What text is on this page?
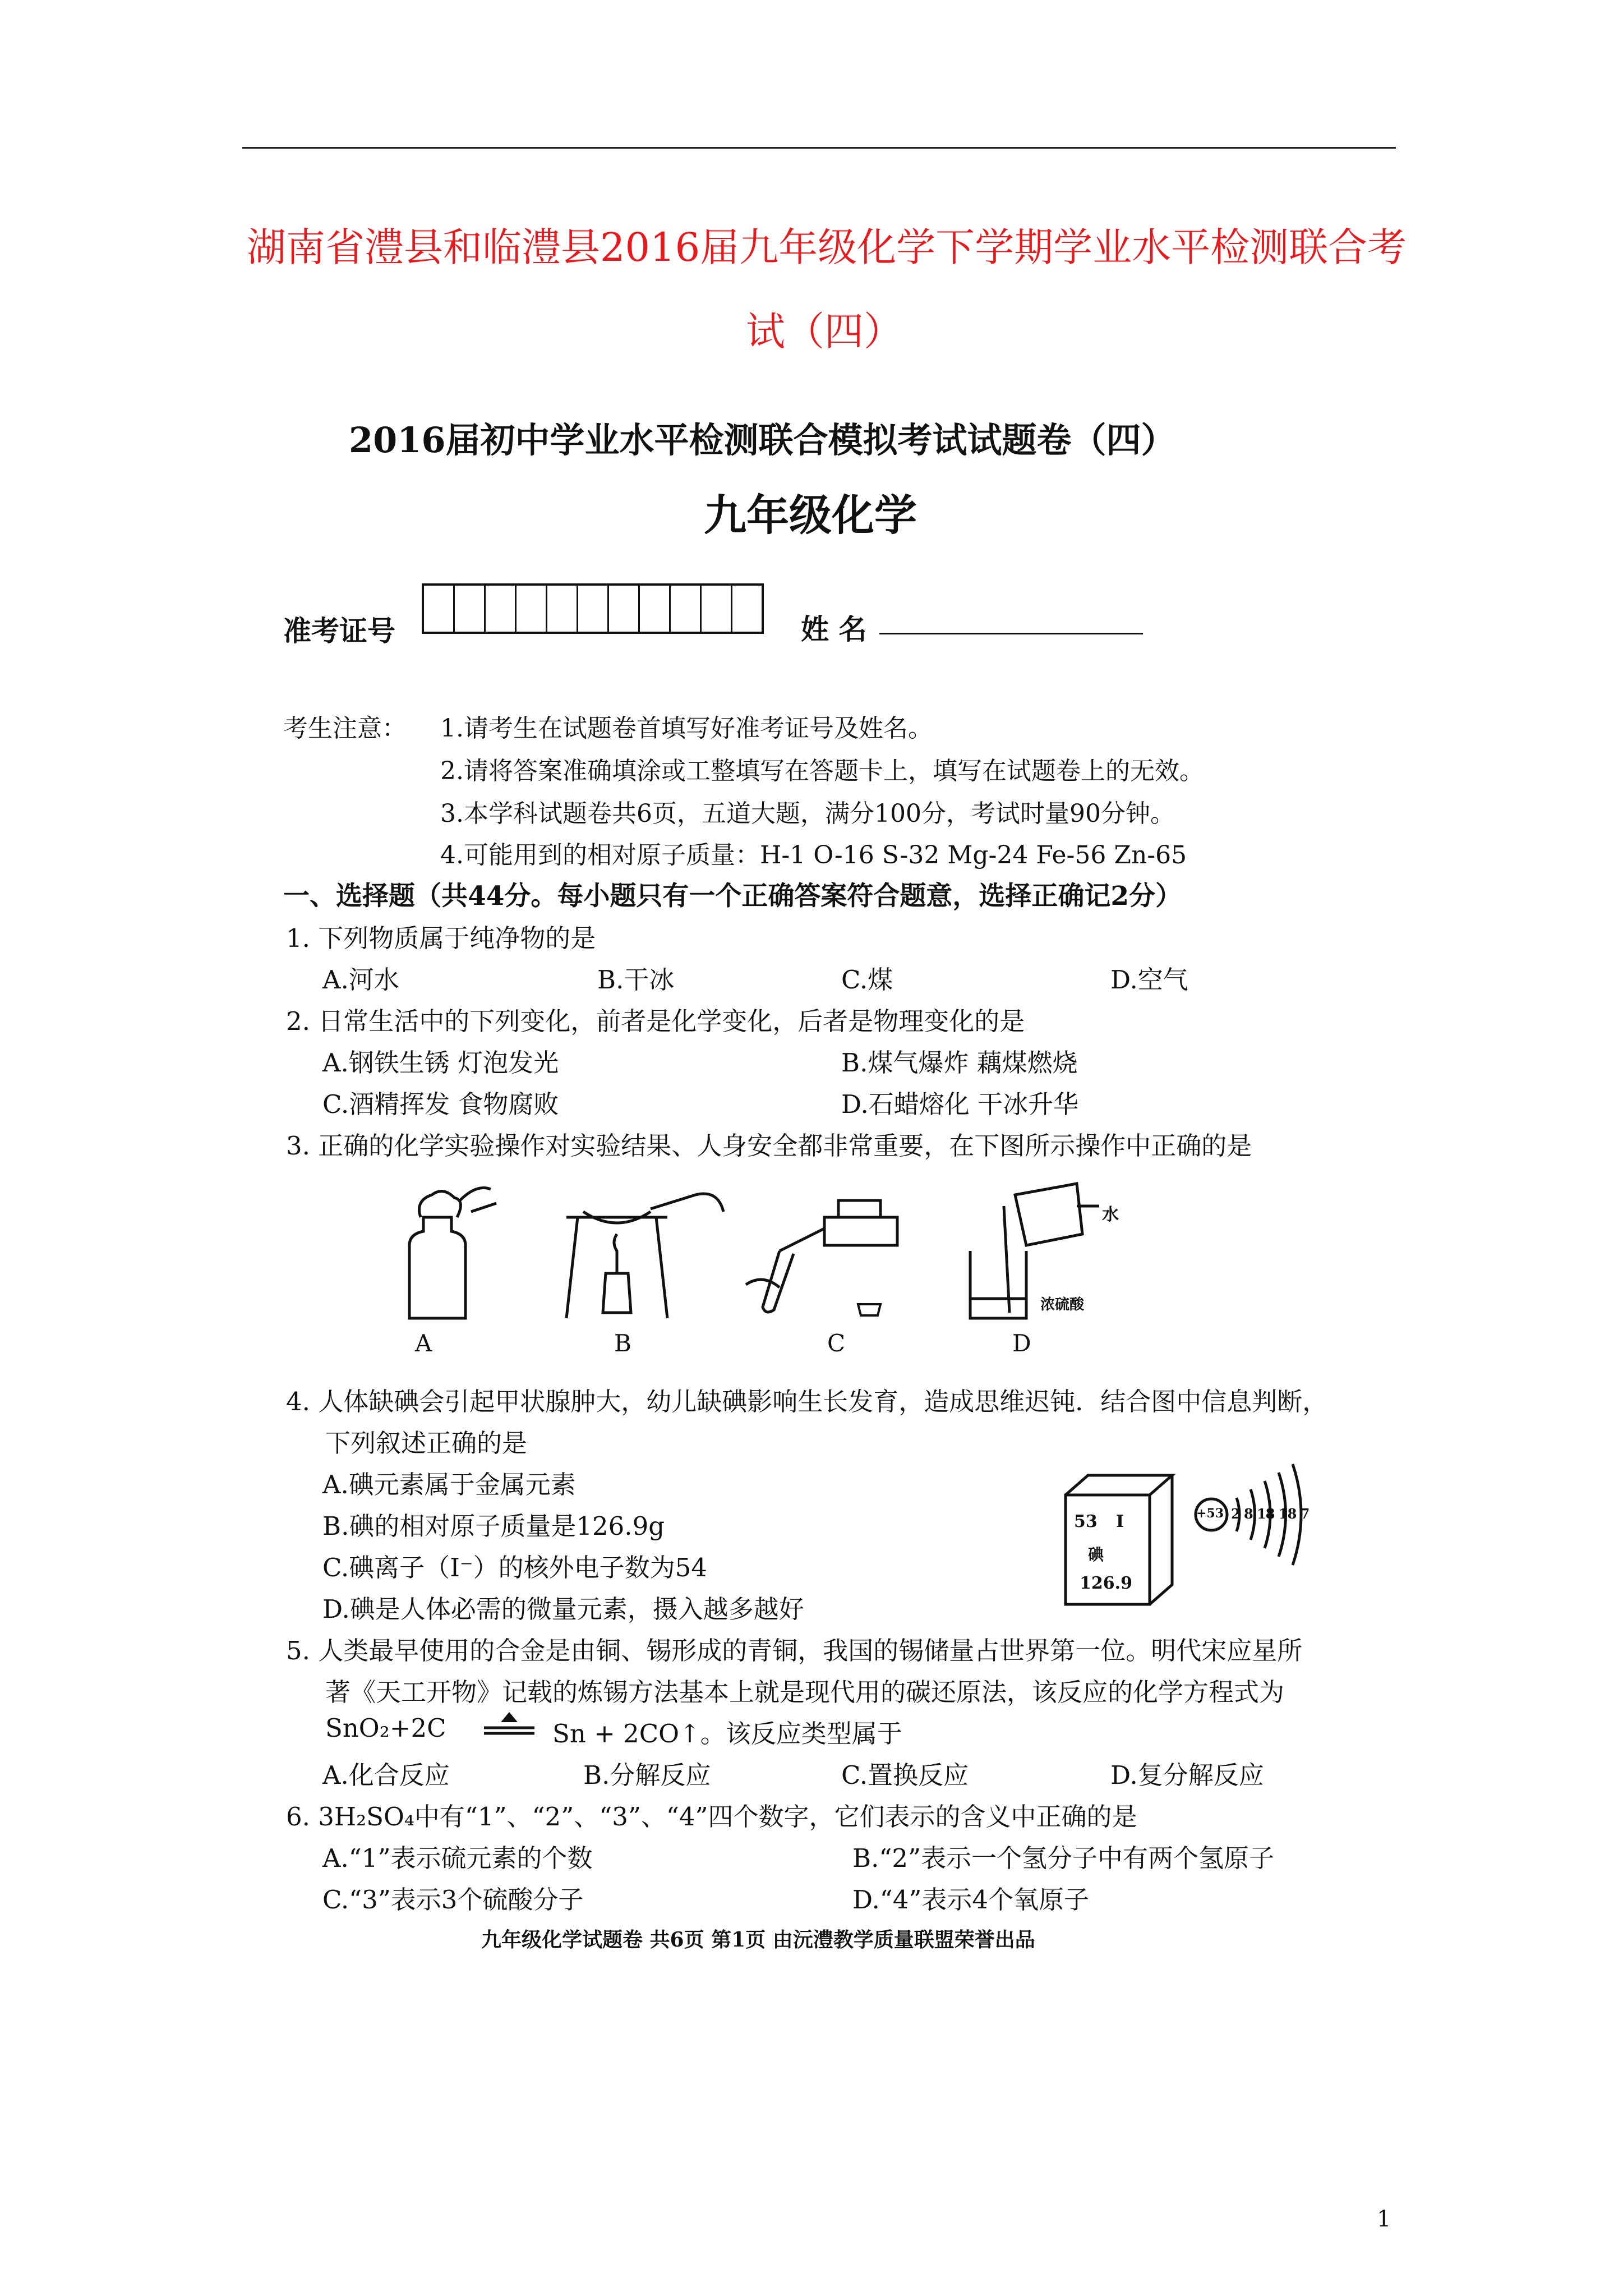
湖南省澧县和临澧县2016届九年级化学下学期学业水平检测联合考
试（四）
2016届初中学业水平检测联合模拟考试试题卷（四）
九年级化学
准考证号	姓 名
考生注意： 1.请考生在试题卷首填写好准考证号及姓名。
2.请将答案准确填涂或工整填写在答题卡上，填写在试题卷上的无效。
3.本学科试题卷共6页，五道大题，满分100分，考试时量90分钟。
4.可能用到的相对原子质量：H-1 O-16 S-32 Mg-24 Fe-56 Zn-65
一、选择题（共44分。每小题只有一个正确答案符合题意，选择正确记2分）
1. 下列物质属于纯净物的是
A.河水	B.干冰	C.煤	D.空气
2. 日常生活中的下列变化，前者是化学变化，后者是物理变化的是
A.钢铁生锈 灯泡发光	B.煤气爆炸 藕煤燃烧
C.酒精挥发 食物腐败	D.石蜡熔化 干冰升华
3. 正确的化学实验操作对实验结果、人身安全都非常重要，在下图所示操作中正确的是
A	B	C
水
浓硫酸
D
4. 人体缺碘会引起甲状腺肿大，幼儿缺碘影响生长发育，造成思维迟钝．结合图中信息判断，
下列叙述正确的是
A.碘元素属于金属元素
B.碘的相对原子质量是126.9g
C.碘离子（I⁻）的核外电子数为54
D.碘是人体必需的微量元素，摄入越多越好
53 I
碘
126.9
+53 2 8 18 18 7
5. 人类最早使用的合金是由铜、锡形成的青铜，我国的锡储量占世界第一位。明代宋应星所
著《天工开物》记载的炼锡方法基本上就是现代用的碳还原法，该反应的化学方程式为
SnO₂+2C	Sn + 2CO↑。该反应类型属于
A.化合反应	B.分解反应	C.置换反应	D.复分解反应
6. 3H₂SO₄中有“1”、“2”、“3”、“4”四个数字，它们表示的含义中正确的是
A.“1”表示硫元素的个数	B.“2”表示一个氢分子中有两个氢原子
C.“3”表示3个硫酸分子	D.“4”表示4个氧原子
九年级化学试题卷 共6页 第1页 由沅澧教学质量联盟荣誉出品
1
